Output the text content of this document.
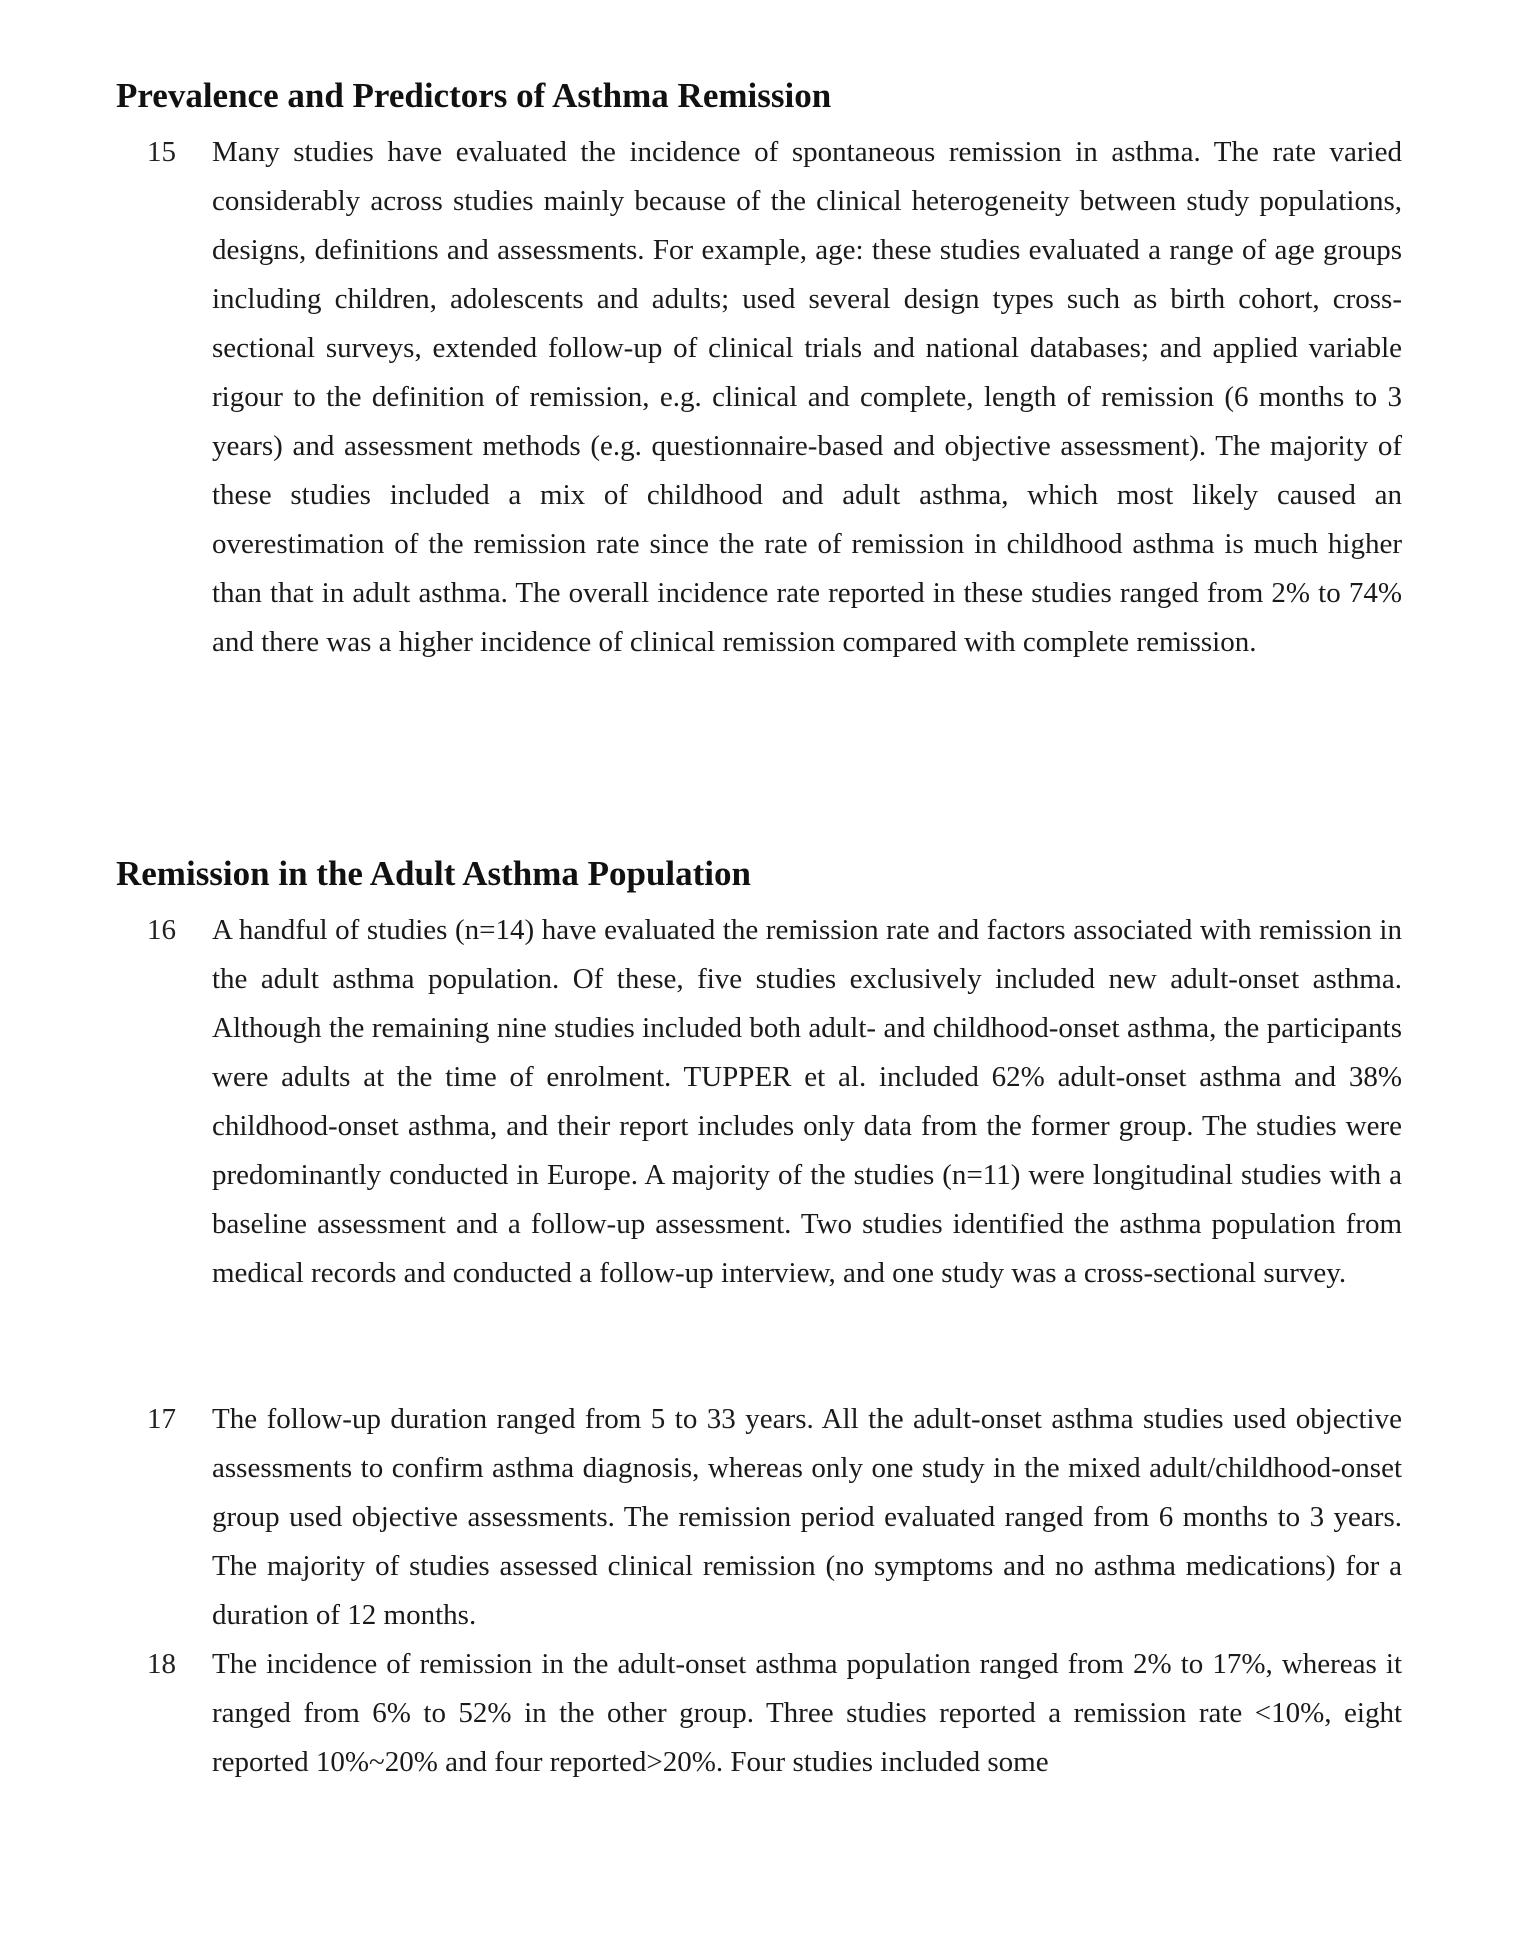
Prevalence and Predictors of Asthma Remission
15 Many studies have evaluated the incidence of spontaneous remission in asthma. The rate varied considerably across studies mainly because of the clinical heterogeneity between study populations, designs, definitions and assessments. For example, age: these studies evaluated a range of age groups including children, adolescents and adults; used several design types such as birth cohort, cross-sectional surveys, extended follow-up of clinical trials and national databases; and applied variable rigour to the definition of remission, e.g. clinical and complete, length of remission (6 months to 3 years) and assessment methods (e.g. questionnaire-based and objective assessment). The majority of these studies included a mix of childhood and adult asthma, which most likely caused an overestimation of the remission rate since the rate of remission in childhood asthma is much higher than that in adult asthma. The overall incidence rate reported in these studies ranged from 2% to 74% and there was a higher incidence of clinical remission compared with complete remission.

Remission in the Adult Asthma Population
16 A handful of studies (n=14) have evaluated the remission rate and factors associated with remission in the adult asthma population. Of these, five studies exclusively included new adult-onset asthma. Although the remaining nine studies included both adult- and childhood-onset asthma, the participants were adults at the time of enrolment. TUPPER et al. included 62% adult-onset asthma and 38% childhood-onset asthma, and their report includes only data from the former group. The studies were predominantly conducted in Europe. A majority of the studies (n=11) were longitudinal studies with a baseline assessment and a follow-up assessment. Two studies identified the asthma population from medical records and conducted a follow-up interview, and one study was a cross-sectional survey.

17 The follow-up duration ranged from 5 to 33 years. All the adult-onset asthma studies used objective assessments to confirm asthma diagnosis, whereas only one study in the mixed adult/childhood-onset group used objective assessments. The remission period evaluated ranged from 6 months to 3 years. The majority of studies assessed clinical remission (no symptoms and no asthma medications) for a duration of 12 months.

18 The incidence of remission in the adult-onset asthma population ranged from 2% to 17%, whereas it ranged from 6% to 52% in the other group. Three studies reported a remission rate <10%, eight reported 10%~20% and four reported>20%. Four studies included some
